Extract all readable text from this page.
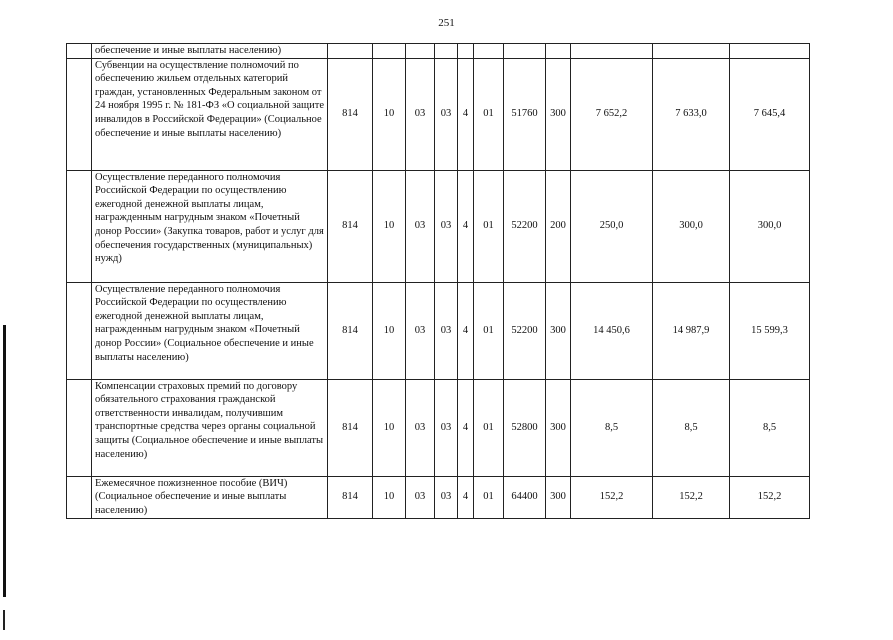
251
	обеспечение и иные выплаты населению)											
	Субвенции на осуществление полномочий по обеспечению жильем отдельных категорий граждан, установленных Федеральным законом от 24 ноября 1995 г. № 181-ФЗ «О социальной защите инвалидов в Российской Федерации» (Социальное обеспечение и иные выплаты населению)	814	10	03	03	4	01	51760	300	7 652,2	7 633,0	7 645,4
	Осуществление переданного полномочия Российской Федерации по осуществлению ежегодной денежной выплаты лицам, награжденным нагрудным знаком «Почетный донор России» (Закупка товаров, работ и услуг для обеспечения государственных (муниципальных) нужд)	814	10	03	03	4	01	52200	200	250,0	300,0	300,0
	Осуществление переданного полномочия Российской Федерации по осуществлению ежегодной денежной выплаты лицам, награжденным нагрудным знаком «Почетный донор России» (Социальное обеспечение и иные выплаты населению)	814	10	03	03	4	01	52200	300	14 450,6	14 987,9	15 599,3
	Компенсации страховых премий по договору обязательного страхования гражданской ответственности инвалидам, получившим транспортные средства через органы социальной защиты (Социальное обеспечение и иные выплаты населению)	814	10	03	03	4	01	52800	300	8,5	8,5	8,5
	Ежемесячное пожизненное пособие (ВИЧ) (Социальное обеспечение и иные выплаты населению)	814	10	03	03	4	01	64400	300	152,2	152,2	152,2
